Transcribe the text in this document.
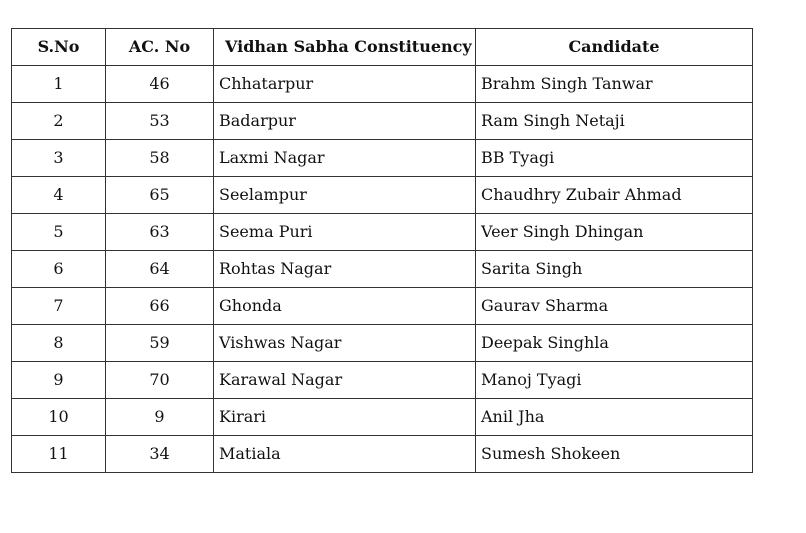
S.No	AC. No	Vidhan Sabha Constituency	Candidate
1	46	Chhatarpur	Brahm Singh Tanwar
2	53	Badarpur	Ram Singh Netaji
3	58	Laxmi Nagar	BB Tyagi
4	65	Seelampur	Chaudhry Zubair Ahmad
5	63	Seema Puri	Veer Singh Dhingan
6	64	Rohtas Nagar	Sarita Singh
7	66	Ghonda	Gaurav Sharma
8	59	Vishwas Nagar	Deepak Singhla
9	70	Karawal Nagar	Manoj Tyagi
10	9	Kirari	Anil Jha
11	34	Matiala	Sumesh Shokeen
